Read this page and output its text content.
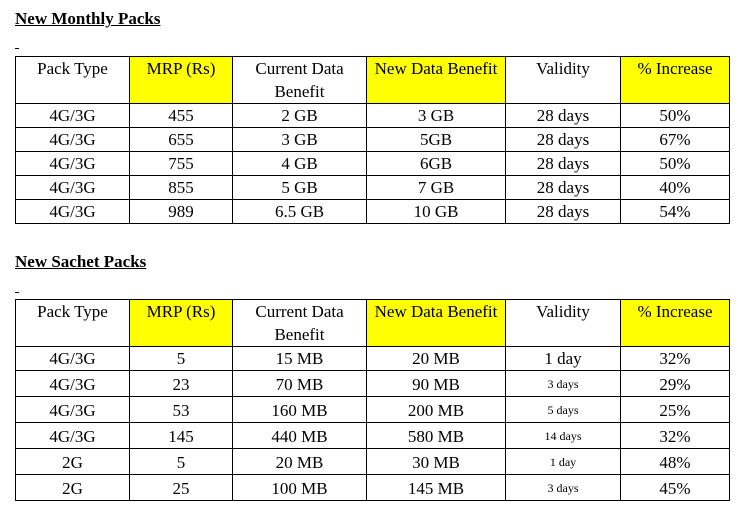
New Monthly Packs
Pack Type	MRP (Rs)	Current Data Benefit	New Data Benefit	Validity	% Increase
4G/3G	455	2 GB	3 GB	28 days	50%
4G/3G	655	3 GB	5GB	28 days	67%
4G/3G	755	4 GB	6GB	28 days	50%
4G/3G	855	5 GB	7 GB	28 days	40%
4G/3G	989	6.5 GB	10 GB	28 days	54%
New Sachet Packs
Pack Type	MRP (Rs)	Current Data Benefit	New Data Benefit	Validity	% Increase
4G/3G	5	15 MB	20 MB	1 day	32%
4G/3G	23	70 MB	90 MB	3 days	29%
4G/3G	53	160 MB	200 MB	5 days	25%
4G/3G	145	440 MB	580 MB	14 days	32%
2G	5	20 MB	30 MB	1 day	48%
2G	25	100 MB	145 MB	3 days	45%
